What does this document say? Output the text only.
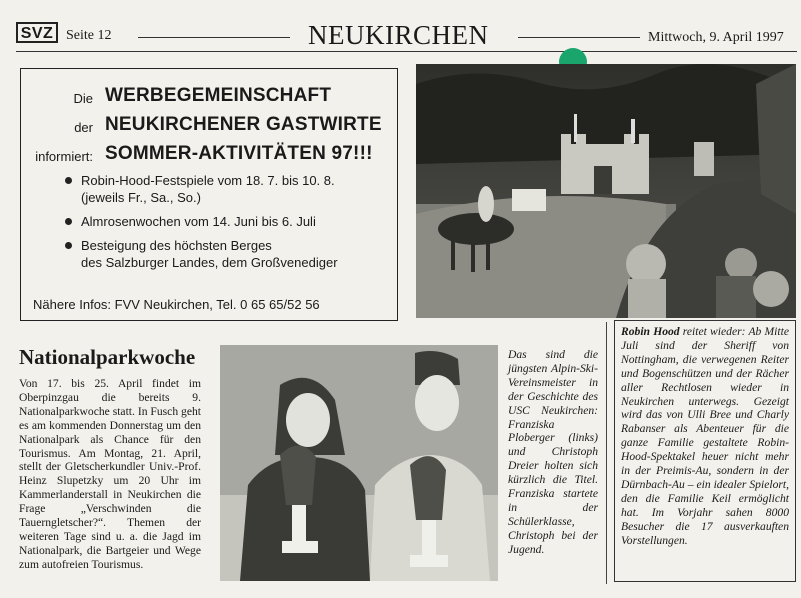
SVZ Seite 12	NEUKIRCHEN	Mittwoch, 9. April 1997
Die WERBEGEMEINSCHAFT
der NEUKIRCHENER GASTWIRTE
informiert: SOMMER-AKTIVITÄTEN 97!!!
Robin-Hood-Festspiele vom 18. 7. bis 10. 8.
(jeweils Fr., Sa., So.)
Almrosenwochen vom 14. Juni bis 6. Juli
Besteigung des höchsten Berges
des Salzburger Landes, dem Großvenediger
Nähere Infos: FVV Neukirchen, Tel. 0 65 65/52 56
Nationalparkwoche

Von 17. bis 25. April findet im Oberpinzgau die bereits 9. Nationalparkwoche statt. In Fusch geht es am kommenden Donnerstag um den Nationalpark als Chance für den Tourismus. Am Montag, 21. April, stellt der Gletscherkundler Univ.-Prof. Heinz Slupetzky um 20 Uhr im Kammerlanderstall in Neukirchen die Frage „Verschwinden die Tauerngletscher?“. Themen der weiteren Tage sind u. a. die Jagd im Nationalpark, die Bartgeier und Wege zum autofreien Tourismus.

Das sind die jüngsten Alpin-Ski-Vereinsmeister in der Geschichte des USC Neukirchen: Franziska Ploberger (links) und Christoph Dreier holten sich kürzlich die Titel. Franziska startete in der Schülerklasse, Christoph bei der Jugend.

Robin Hood reitet wieder: Ab Mitte Juli sind der Sheriff von Nottingham, die verwegenen Reiter und Bogenschützen und der Rächer aller Rechtlosen wieder in Neukirchen unterwegs. Gezeigt wird das von Ulli Bree und Charly Rabanser als Abenteuer für die ganze Familie gestaltete Robin-Hood-Spektakel heuer nicht mehr in der Preimis-Au, sondern in der Dürnbach-Au – ein idealer Spielort, den die Familie Keil ermöglicht hat. Im Vorjahr sahen 8000 Besucher die 17 ausverkauften Vorstellungen.
